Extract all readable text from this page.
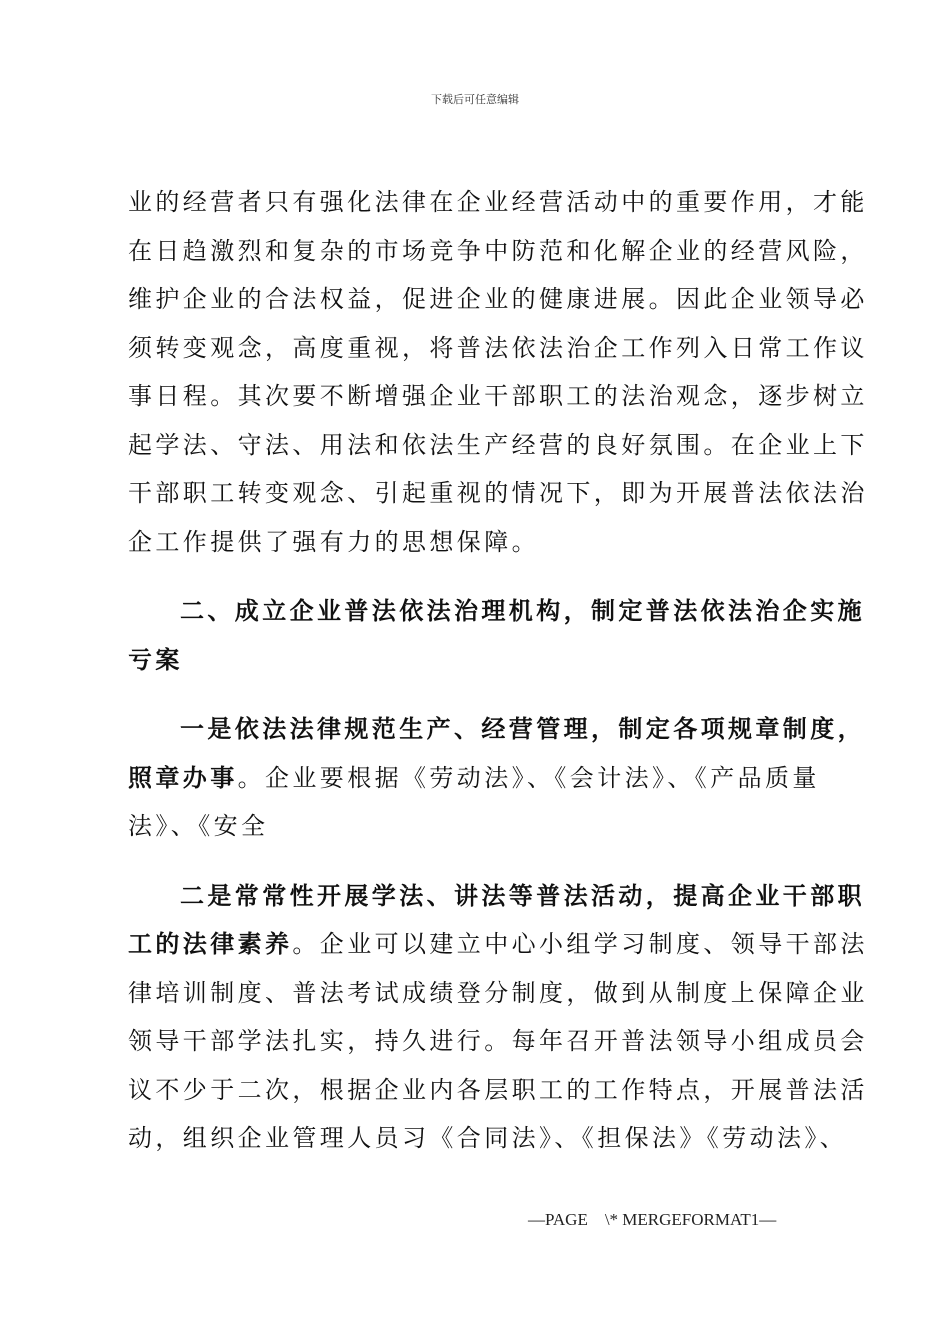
下载后可任意编辑
业的经营者只有强化法律在企业经营活动中的重要作用，才能
在日趋激烈和复杂的市场竞争中防范和化解企业的经营风险，
维护企业的合法权益，促进企业的健康进展。因此企业领导必
须转变观念，高度重视，将普法依法治企工作列入日常工作议
事日程。其次要不断增强企业干部职工的法治观念，逐步树立
起学法、守法、用法和依法生产经营的良好氛围。在企业上下
干部职工转变观念、引起重视的情况下，即为开展普法依法治
企工作提供了强有力的思想保障。
二、成立企业普法依法治理机构，制定普法依法治企实施
亏案
一是依法法律规范生产、经营管理，制定各项规章制度，
照章办事。企业要根据《劳动法》、《会计法》、《产品质量
法》、《安全
二是常常性开展学法、讲法等普法活动，提高企业干部职
工的法律素养。企业可以建立中心小组学习制度、领导干部法
律培训制度、普法考试成绩登分制度，做到从制度上保障企业
领导干部学法扎实，持久进行。每年召开普法领导小组成员会
议不少于二次，根据企业内各层职工的工作特点，开展普法活
动，组织企业管理人员习《合同法》、《担保法》《劳动法》、
—PAGE    \* MERGEFORMAT1—
